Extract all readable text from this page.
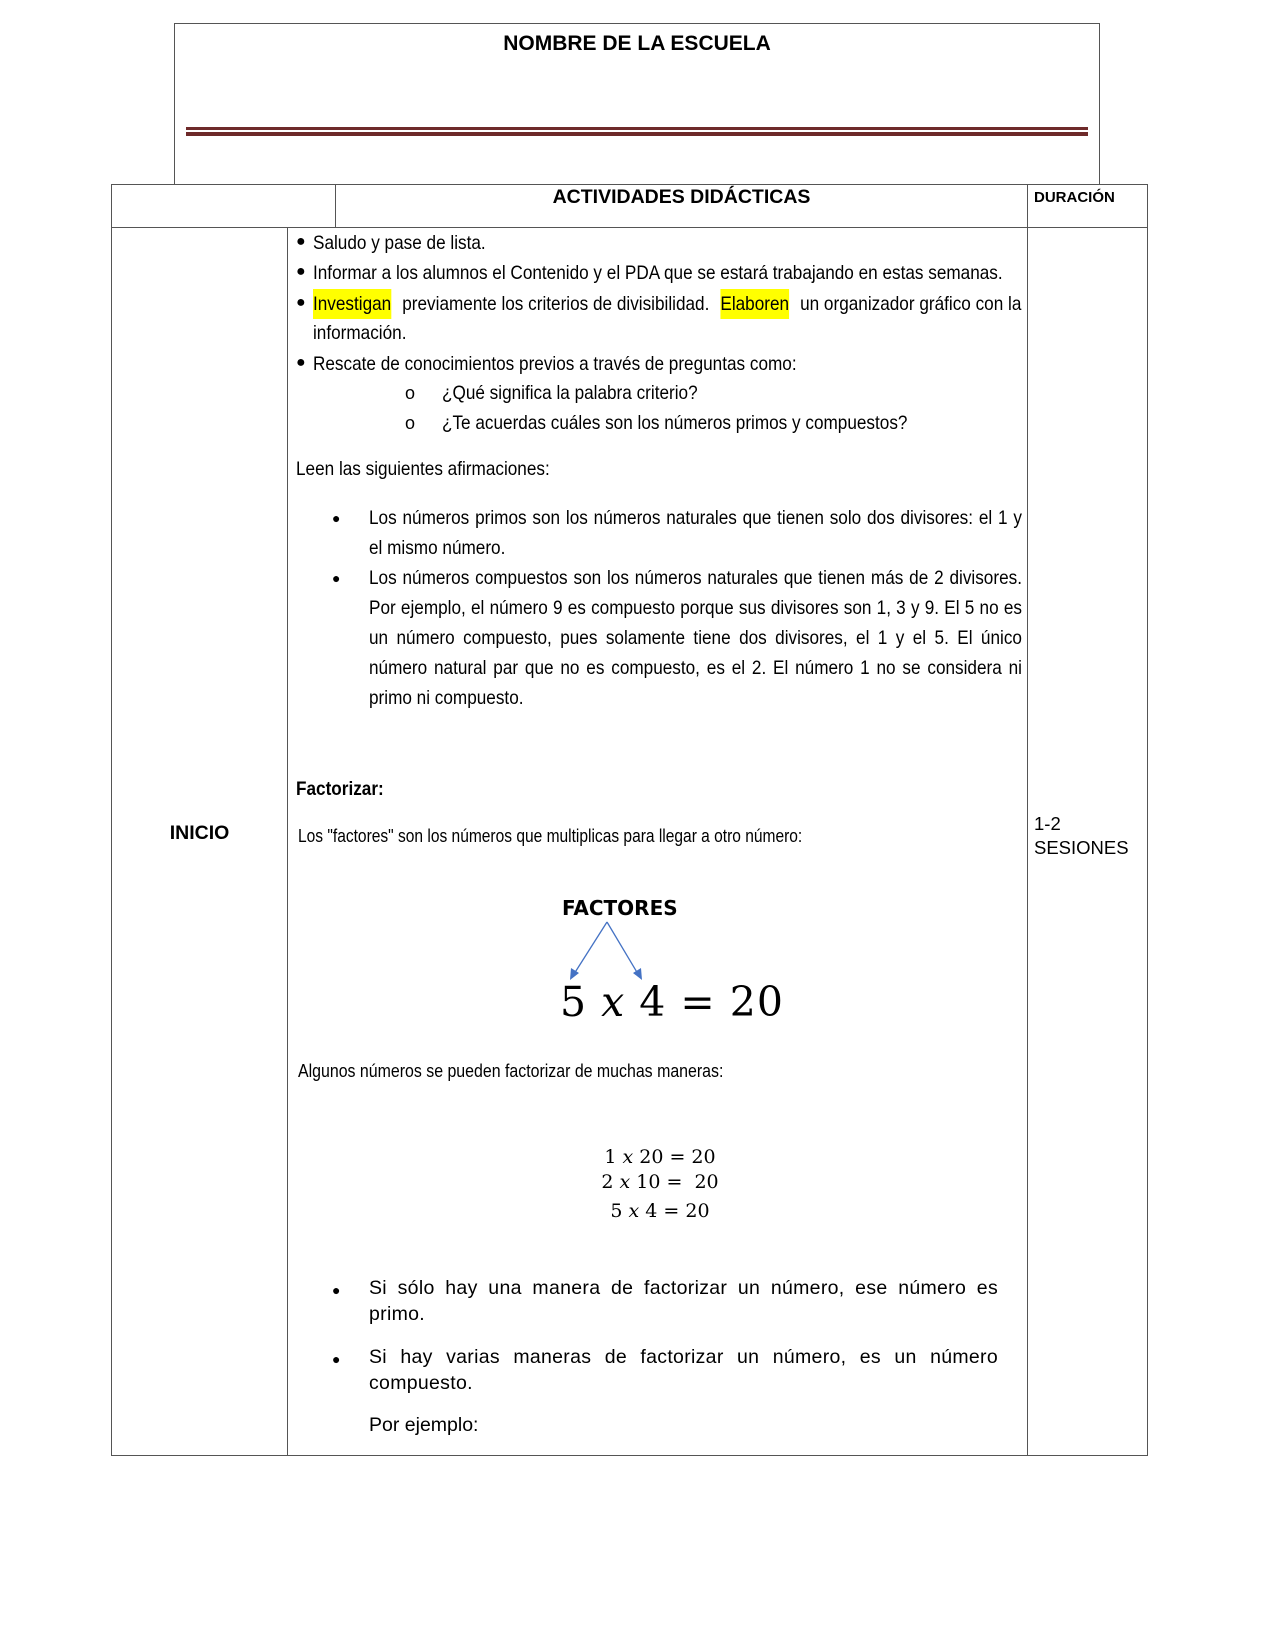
NOMBRE DE LA ESCUELA
ACTIVIDADES DIDÁCTICAS	DURACIÓN
INICIO	1-2
SESIONES
● Saludo y pase de lista.
● Informar a los alumnos el Contenido y el PDA que se estará trabajando en estas semanas.
● Investigan previamente los criterios de divisibilidad. Elaboren un organizador gráfico con la
información.
● Rescate de conocimientos previos a través de preguntas como:
o ¿Qué significa la palabra criterio?
o ¿Te acuerdas cuáles son los números primos y compuestos?
Leen las siguientes afirmaciones:
● Los números primos son los números naturales que tienen solo dos divisores: el 1 y el mismo número.
● Los números compuestos son los números naturales que tienen más de 2 divisores. Por ejemplo, el número 9 es compuesto porque sus divisores son 1, 3 y 9. El 5 no es un número compuesto, pues solamente tiene dos divisores, el 1 y el 5. El único número natural par que no es compuesto, es el 2. El número 1 no se considera ni primo ni compuesto.
Factorizar:
Los "factores" son los números que multiplicas para llegar a otro número:
FACTORES
5 𝑥 4 = 20
Algunos números se pueden factorizar de muchas maneras:
1 𝑥 20 = 20
2 𝑥 10 =  20
5 𝑥 4 = 20
● Si sólo hay una manera de factorizar un número, ese número es primo.
● Si hay varias maneras de factorizar un número, es un número compuesto.
Por ejemplo:
